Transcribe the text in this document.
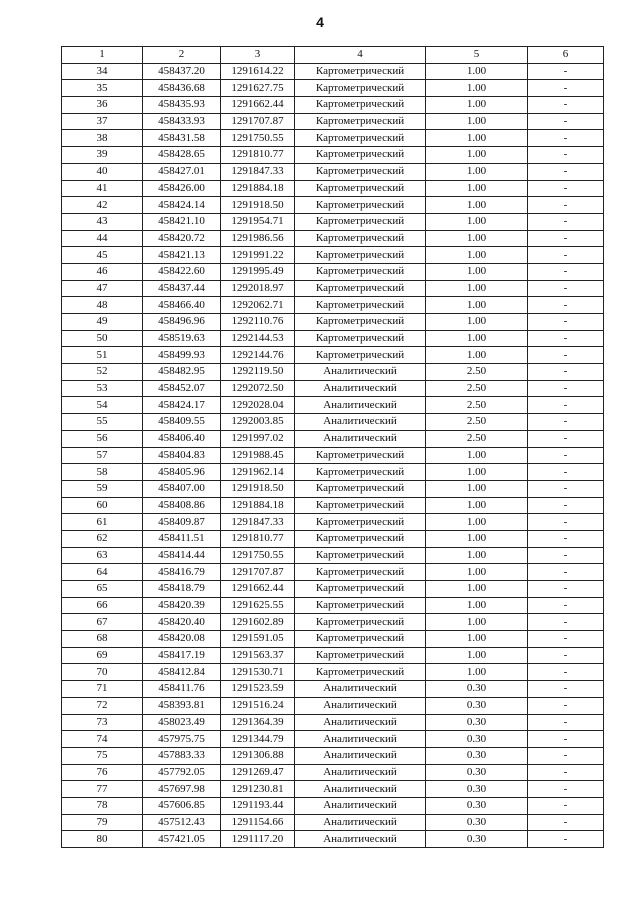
4
1	2	3	4	5	6
34	458437.20	1291614.22	Картометрический	1.00	-
35	458436.68	1291627.75	Картометрический	1.00	-
36	458435.93	1291662.44	Картометрический	1.00	-
37	458433.93	1291707.87	Картометрический	1.00	-
38	458431.58	1291750.55	Картометрический	1.00	-
39	458428.65	1291810.77	Картометрический	1.00	-
40	458427.01	1291847.33	Картометрический	1.00	-
41	458426.00	1291884.18	Картометрический	1.00	-
42	458424.14	1291918.50	Картометрический	1.00	-
43	458421.10	1291954.71	Картометрический	1.00	-
44	458420.72	1291986.56	Картометрический	1.00	-
45	458421.13	1291991.22	Картометрический	1.00	-
46	458422.60	1291995.49	Картометрический	1.00	-
47	458437.44	1292018.97	Картометрический	1.00	-
48	458466.40	1292062.71	Картометрический	1.00	-
49	458496.96	1292110.76	Картометрический	1.00	-
50	458519.63	1292144.53	Картометрический	1.00	-
51	458499.93	1292144.76	Картометрический	1.00	-
52	458482.95	1292119.50	Аналитический	2.50	-
53	458452.07	1292072.50	Аналитический	2.50	-
54	458424.17	1292028.04	Аналитический	2.50	-
55	458409.55	1292003.85	Аналитический	2.50	-
56	458406.40	1291997.02	Аналитический	2.50	-
57	458404.83	1291988.45	Картометрический	1.00	-
58	458405.96	1291962.14	Картометрический	1.00	-
59	458407.00	1291918.50	Картометрический	1.00	-
60	458408.86	1291884.18	Картометрический	1.00	-
61	458409.87	1291847.33	Картометрический	1.00	-
62	458411.51	1291810.77	Картометрический	1.00	-
63	458414.44	1291750.55	Картометрический	1.00	-
64	458416.79	1291707.87	Картометрический	1.00	-
65	458418.79	1291662.44	Картометрический	1.00	-
66	458420.39	1291625.55	Картометрический	1.00	-
67	458420.40	1291602.89	Картометрический	1.00	-
68	458420.08	1291591.05	Картометрический	1.00	-
69	458417.19	1291563.37	Картометрический	1.00	-
70	458412.84	1291530.71	Картометрический	1.00	-
71	458411.76	1291523.59	Аналитический	0.30	-
72	458393.81	1291516.24	Аналитический	0.30	-
73	458023.49	1291364.39	Аналитический	0.30	-
74	457975.75	1291344.79	Аналитический	0.30	-
75	457883.33	1291306.88	Аналитический	0.30	-
76	457792.05	1291269.47	Аналитический	0.30	-
77	457697.98	1291230.81	Аналитический	0.30	-
78	457606.85	1291193.44	Аналитический	0.30	-
79	457512.43	1291154.66	Аналитический	0.30	-
80	457421.05	1291117.20	Аналитический	0.30	-
